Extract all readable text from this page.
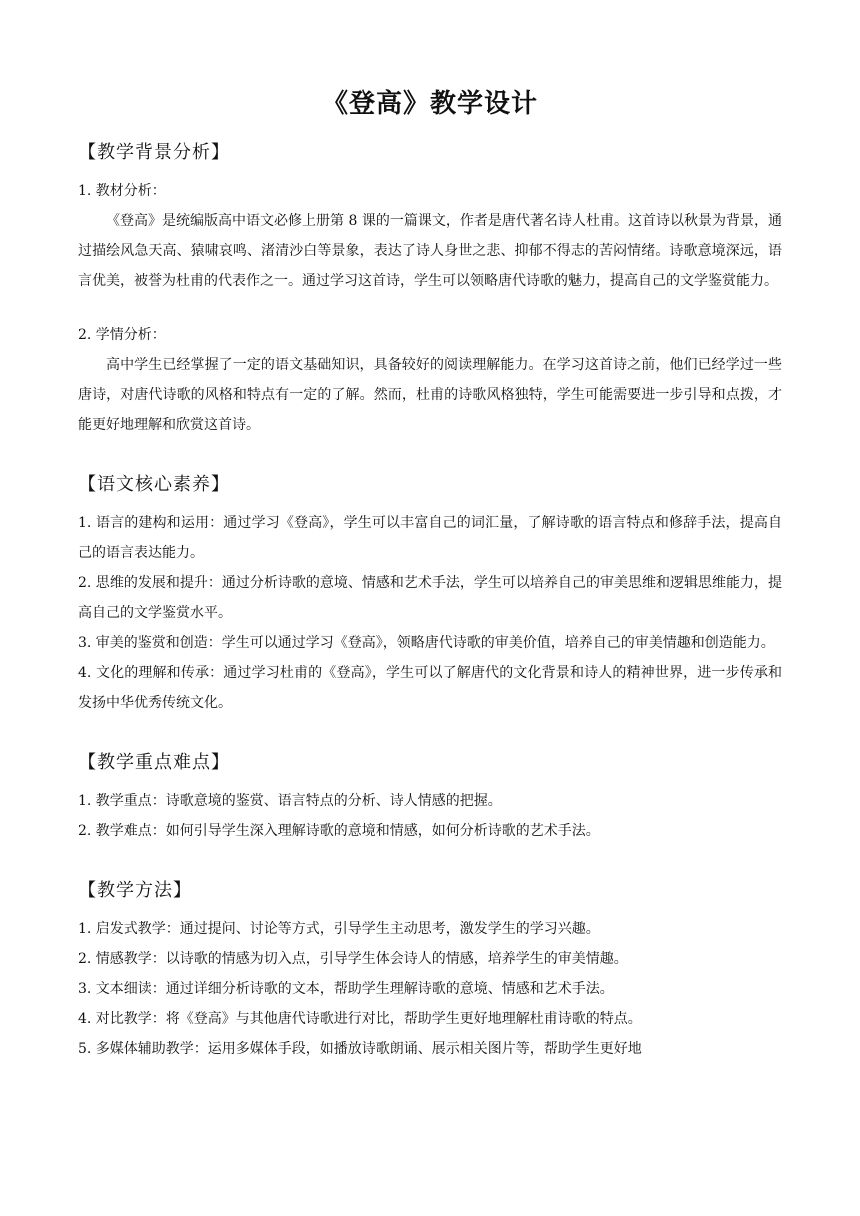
《登高》教学设计
【教学背景分析】
1. 教材分析：

《登高》是统编版高中语文必修上册第 8 课的一篇课文，作者是唐代著名诗人杜甫。这首诗以秋景为背景，通过描绘风急天高、猿啸哀鸣、渚清沙白等景象，表达了诗人身世之悲、抑郁不得志的苦闷情绪。诗歌意境深远，语言优美，被誉为杜甫的代表作之一。通过学习这首诗，学生可以领略唐代诗歌的魅力，提高自己的文学鉴赏能力。

2. 学情分析：

高中学生已经掌握了一定的语文基础知识，具备较好的阅读理解能力。在学习这首诗之前，他们已经学过一些唐诗，对唐代诗歌的风格和特点有一定的了解。然而，杜甫的诗歌风格独特，学生可能需要进一步引导和点拨，才能更好地理解和欣赏这首诗。

【语文核心素养】

1. 语言的建构和运用：通过学习《登高》，学生可以丰富自己的词汇量，了解诗歌的语言特点和修辞手法，提高自己的语言表达能力。

2. 思维的发展和提升：通过分析诗歌的意境、情感和艺术手法，学生可以培养自己的审美思维和逻辑思维能力，提高自己的文学鉴赏水平。

3. 审美的鉴赏和创造：学生可以通过学习《登高》，领略唐代诗歌的审美价值，培养自己的审美情趣和创造能力。

4. 文化的理解和传承：通过学习杜甫的《登高》，学生可以了解唐代的文化背景和诗人的精神世界，进一步传承和发扬中华优秀传统文化。

【教学重点难点】

1. 教学重点：诗歌意境的鉴赏、语言特点的分析、诗人情感的把握。

2. 教学难点：如何引导学生深入理解诗歌的意境和情感，如何分析诗歌的艺术手法。

【教学方法】

1. 启发式教学：通过提问、讨论等方式，引导学生主动思考，激发学生的学习兴趣。

2. 情感教学：以诗歌的情感为切入点，引导学生体会诗人的情感，培养学生的审美情趣。

3. 文本细读：通过详细分析诗歌的文本，帮助学生理解诗歌的意境、情感和艺术手法。

4. 对比教学：将《登高》与其他唐代诗歌进行对比，帮助学生更好地理解杜甫诗歌的特点。

5. 多媒体辅助教学：运用多媒体手段，如播放诗歌朗诵、展示相关图片等，帮助学生更好地
